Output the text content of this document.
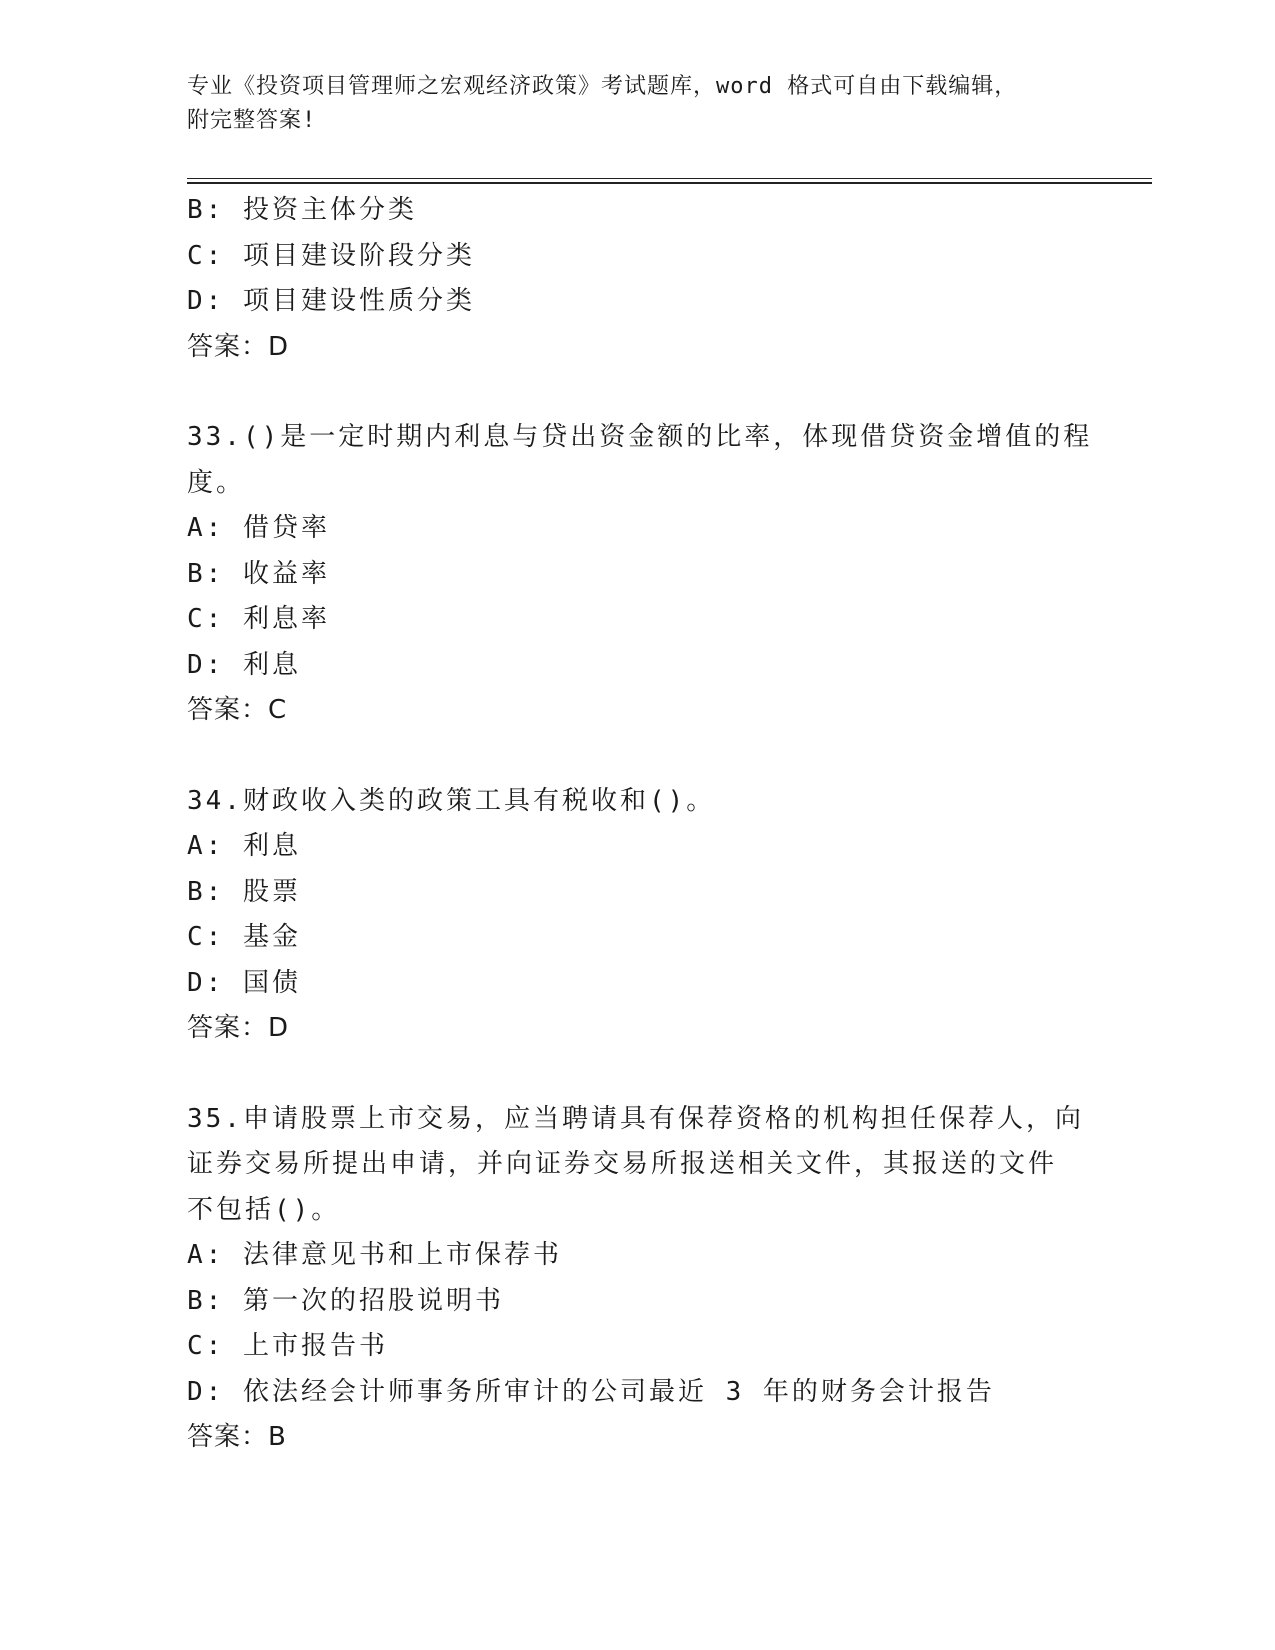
专业《投资项目管理师之宏观经济政策》考试题库，word 格式可自由下载编辑，
附完整答案!
B: 投资主体分类
C: 项目建设阶段分类
D: 项目建设性质分类
答案：D
33.()是一定时期内利息与贷出资金额的比率，体现借贷资金增值的程
度。
A: 借贷率
B: 收益率
C: 利息率
D: 利息
答案：C
34.财政收入类的政策工具有税收和()。
A: 利息
B: 股票
C: 基金
D: 国债
答案：D
35.申请股票上市交易，应当聘请具有保荐资格的机构担任保荐人，向
证券交易所提出申请，并向证券交易所报送相关文件，其报送的文件
不包括()。
A: 法律意见书和上市保荐书
B: 第一次的招股说明书
C: 上市报告书
D: 依法经会计师事务所审计的公司最近 3 年的财务会计报告
答案：B
